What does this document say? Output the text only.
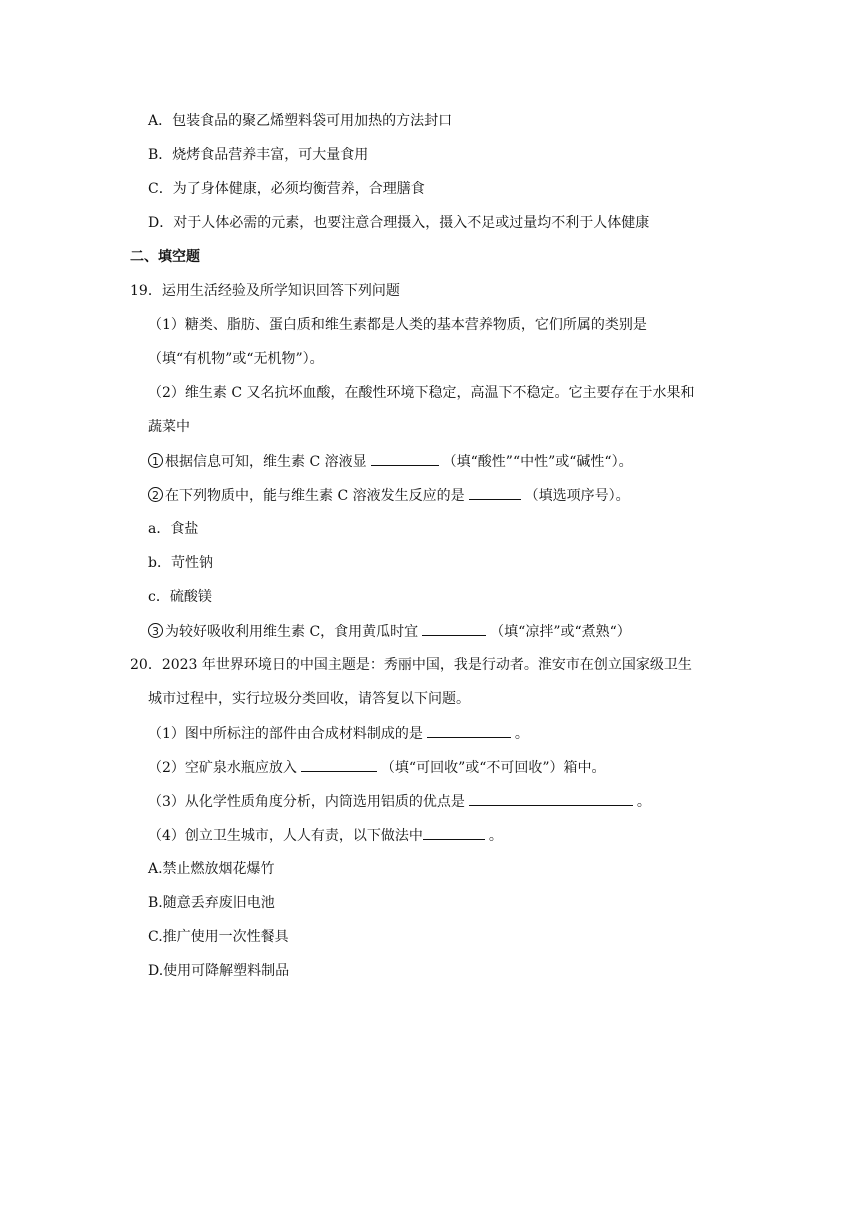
A．包装食品的聚乙烯塑料袋可用加热的方法封口
B．烧烤食品营养丰富，可大量食用
C．为了身体健康，必须均衡营养，合理膳食
D．对于人体必需的元素，也要注意合理摄入，摄入不足或过量均不利于人体健康
二、填空题
19．运用生活经验及所学知识回答下列问题
（1）糖类、脂肪、蛋白质和维生素都是人类的基本营养物质，它们所属的类别是
（填“有机物”或“无机物”）。
（2）维生素 C 又名抗坏血酸，在酸性环境下稳定，高温下不稳定。它主要存在于水果和
蔬菜中
1 根据信息可知，维生素 C 溶液显	（填“酸性”“中性”或“碱性“）。
2 在下列物质中，能与维生素 C 溶液发生反应的是	（填选项序号）。
a．食盐
b．苛性钠
c．硫酸镁
3 为较好吸收利用维生素 C，食用黄瓜时宜	（填“凉拌”或“煮熟“）
20．2023 年世界环境日的中国主题是：秀丽中国，我是行动者。淮安市在创立国家级卫生
城市过程中，实行垃圾分类回收，请答复以下问题。
（1）图中所标注的部件由合成材料制成的是	。
（2）空矿泉水瓶应放入	（填“可回收”或“不可回收”）箱中。
（3）从化学性质角度分析，内筒选用铝质的优点是	。
（4）创立卫生城市，人人有责，以下做法中	。
A.禁止燃放烟花爆竹
B.随意丢弃废旧电池
C.推广使用一次性餐具
D.使用可降解塑料制品
